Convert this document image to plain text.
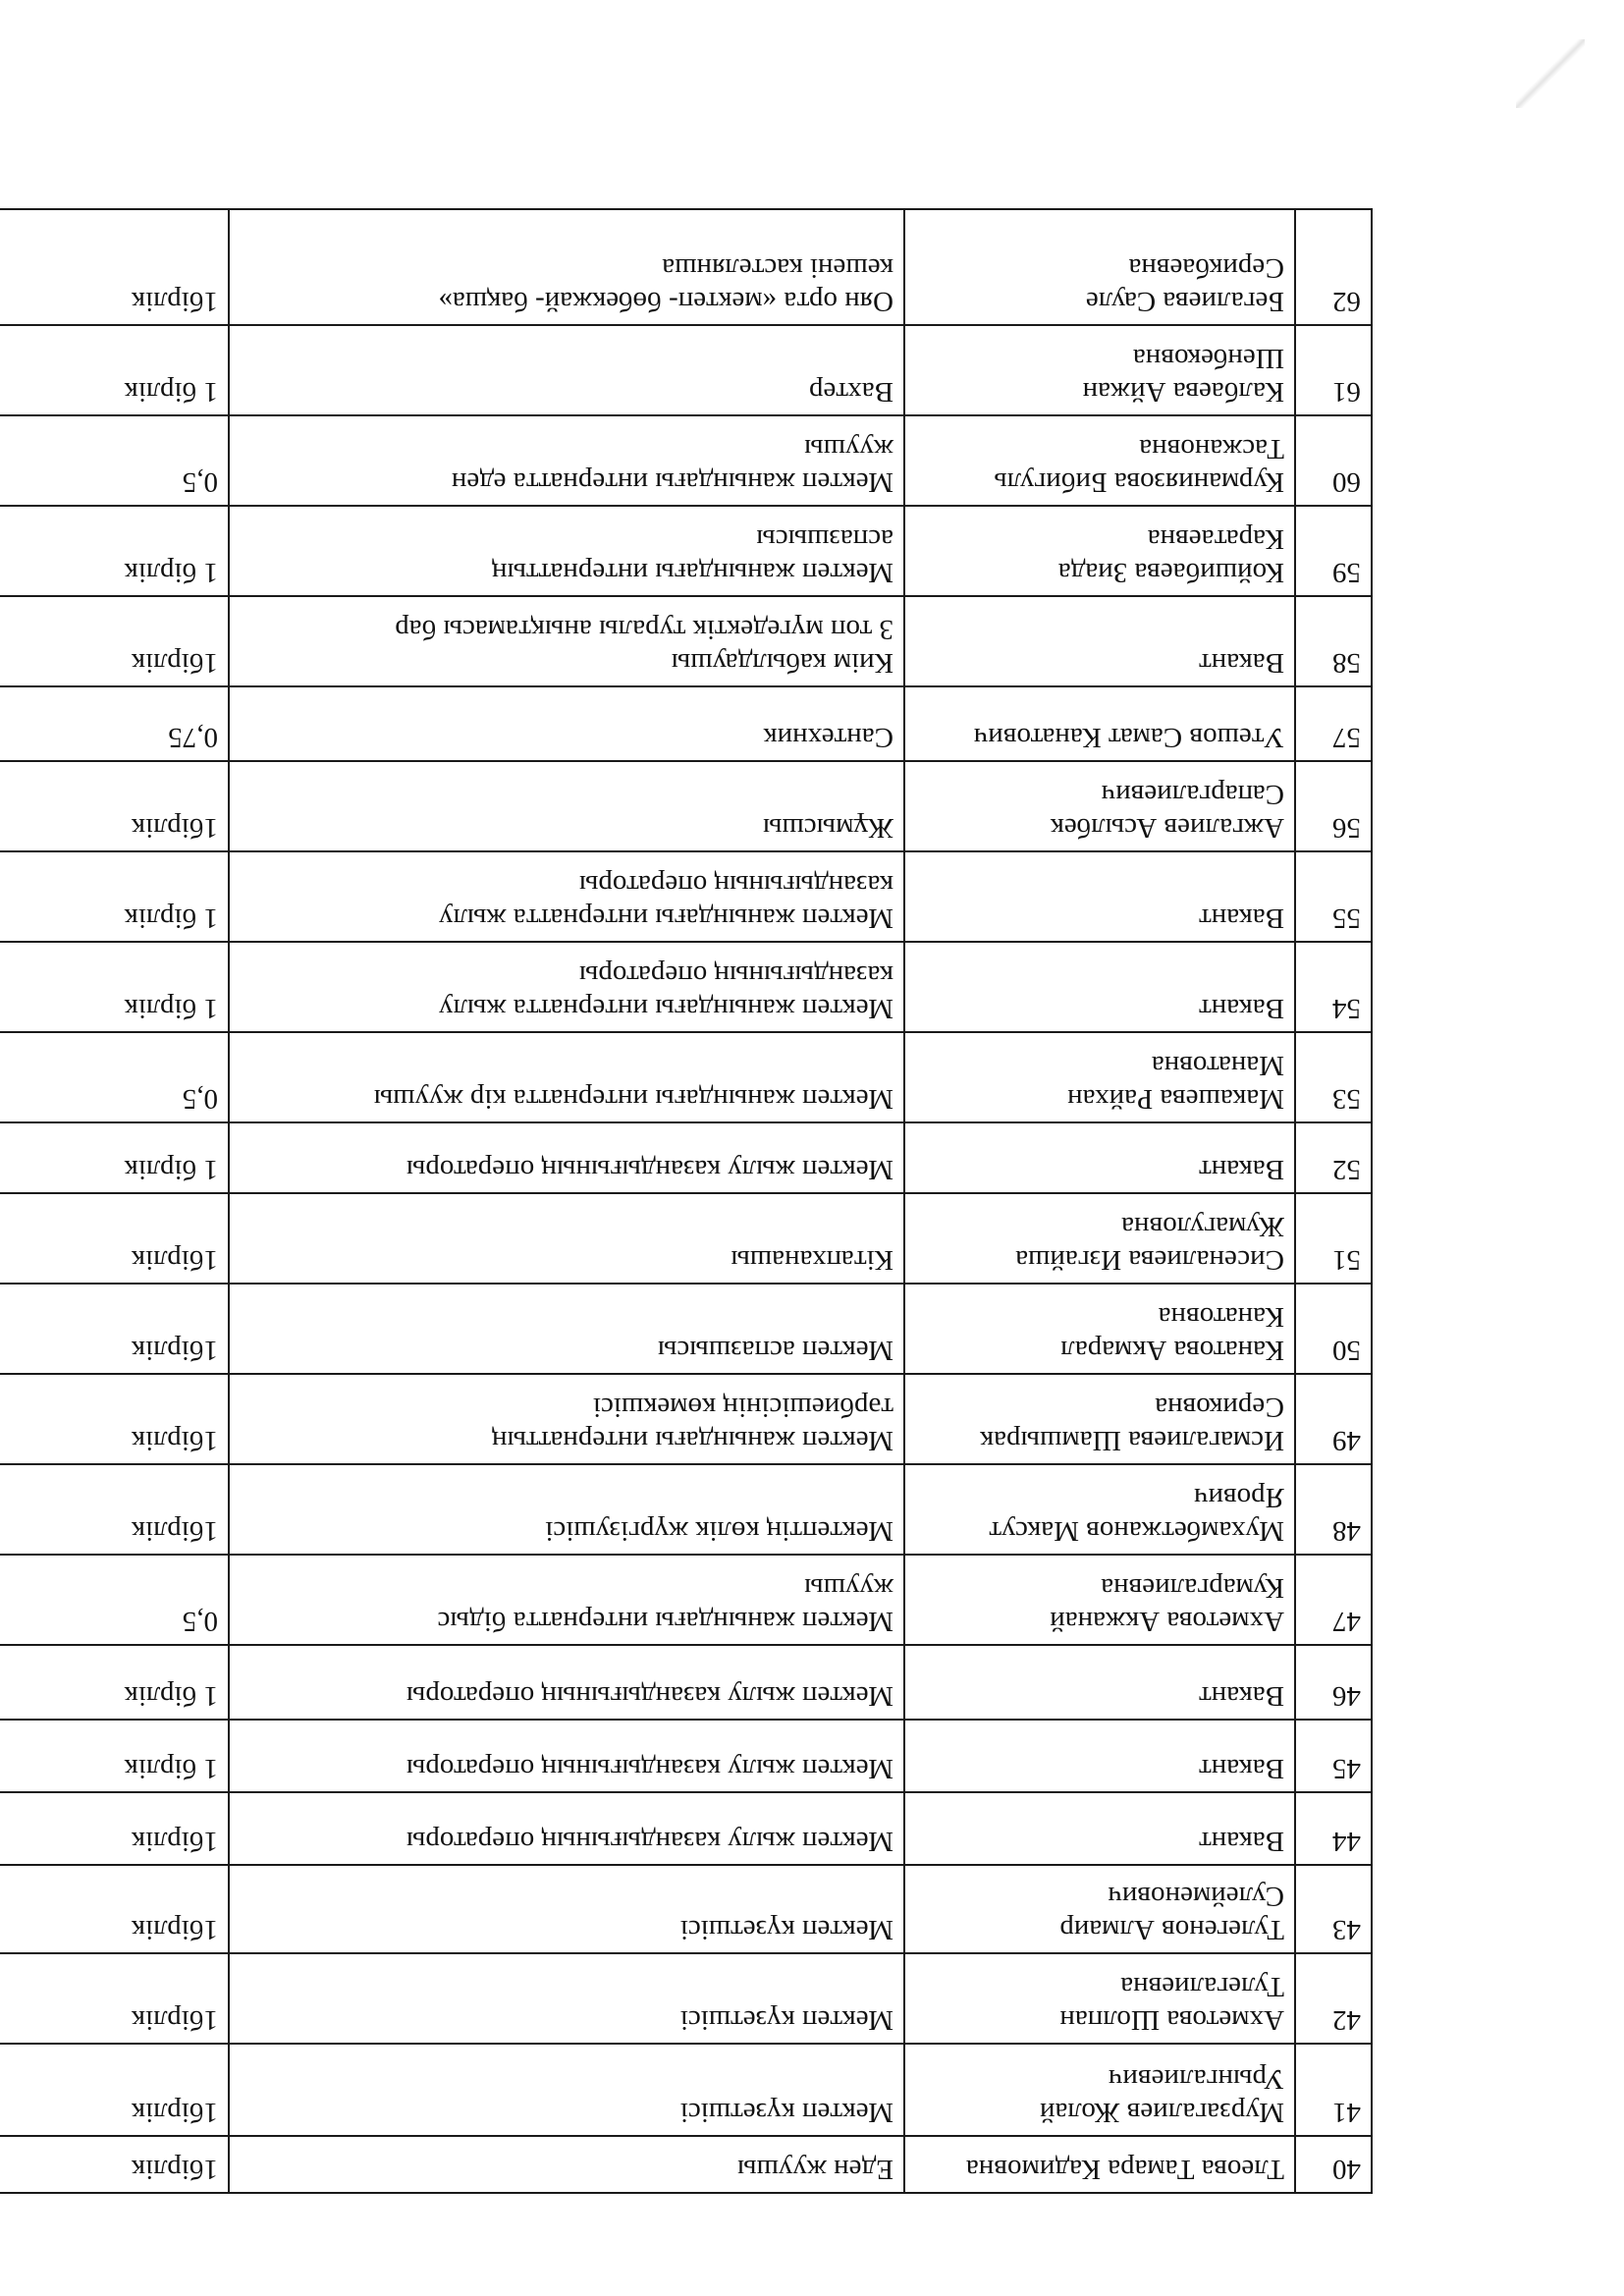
40	Тлеова Тамара Кадимовна	Еден жуушы	1бірлік
41	Мурзагалиев Жолай
Урынгалиевич	Мектеп күзетшісі	1бірлік
42	Ахметова Шолпан
Тулегалиевна	Мектеп күзетшісі	1бірлік
43	Тулегенов Алмаир
Сулейменович	Мектеп күзетшісі	1бірлік
44	Вакант	Мектеп жылу казандығының операторы	1бірлік
45	Вакант	Мектеп жылу казандығының операторы	1 бірлік
46	Вакант	Мектеп жылу казандығының операторы	1 бірлік
47	Ахметова Акжанай
Кумаргалиевна	Мектеп жанындағы интернатта бідыс
жуушы	0,5
48	Мухамбетжанов Максут
Ярович	Мектептің көлік жүргізушісі	1бірлік
49	Исмагалиева Шамшырак
Сериковна	Мектеп жанындағы интернаттың
тәрбиешісінің көмекшісі	1бірлік
50	Канатова Акмарал
Канатовна	Мектеп аспазшысы	1бірлік
51	Сисеналиева Изгайша
Жумагуловна	Кітапханашы	1бірлік
52	Вакант	Мектеп жылу казандығының операторы	1 бірлік
53	Макашева Райхан
Манатовна	Мектеп жанындағы интернатта кір жуушы	0,5
54	Вакант	Мектеп жанындағы интернатта жылу
казандығының операторы	1 бірлік
55	Вакант	Мектеп жанындағы интернатта жылу
казандығының операторы	1 бірлік
56	Ажгалиев Асылбек
Сапаргалиевич	Жұмысшы	1бірлік
57	Утешов Самат Канатович	Сантехник	0,75
58	Вакант	Киім кабылдаушы
3 топ мүгедектік туралы анықтамасы бар	1бірлік
59	Койшибаева Зиада
Каратаевна	Мектеп жанындағы интернаттың
аспазшысы	1 бірлік
60	Курманиязова Бибигуль
Тасжановна	Мектеп жанындағы интернатта еден
жуушы	0,5
61	Калбаева Айжан
Шенбековна	Вахтер	1 бірлік
62	Бегалиева Сауле
Серикбаевна	Оян орта «мектеп- бөбекжай- бақша»
кешені кастелянша	1бірлік
